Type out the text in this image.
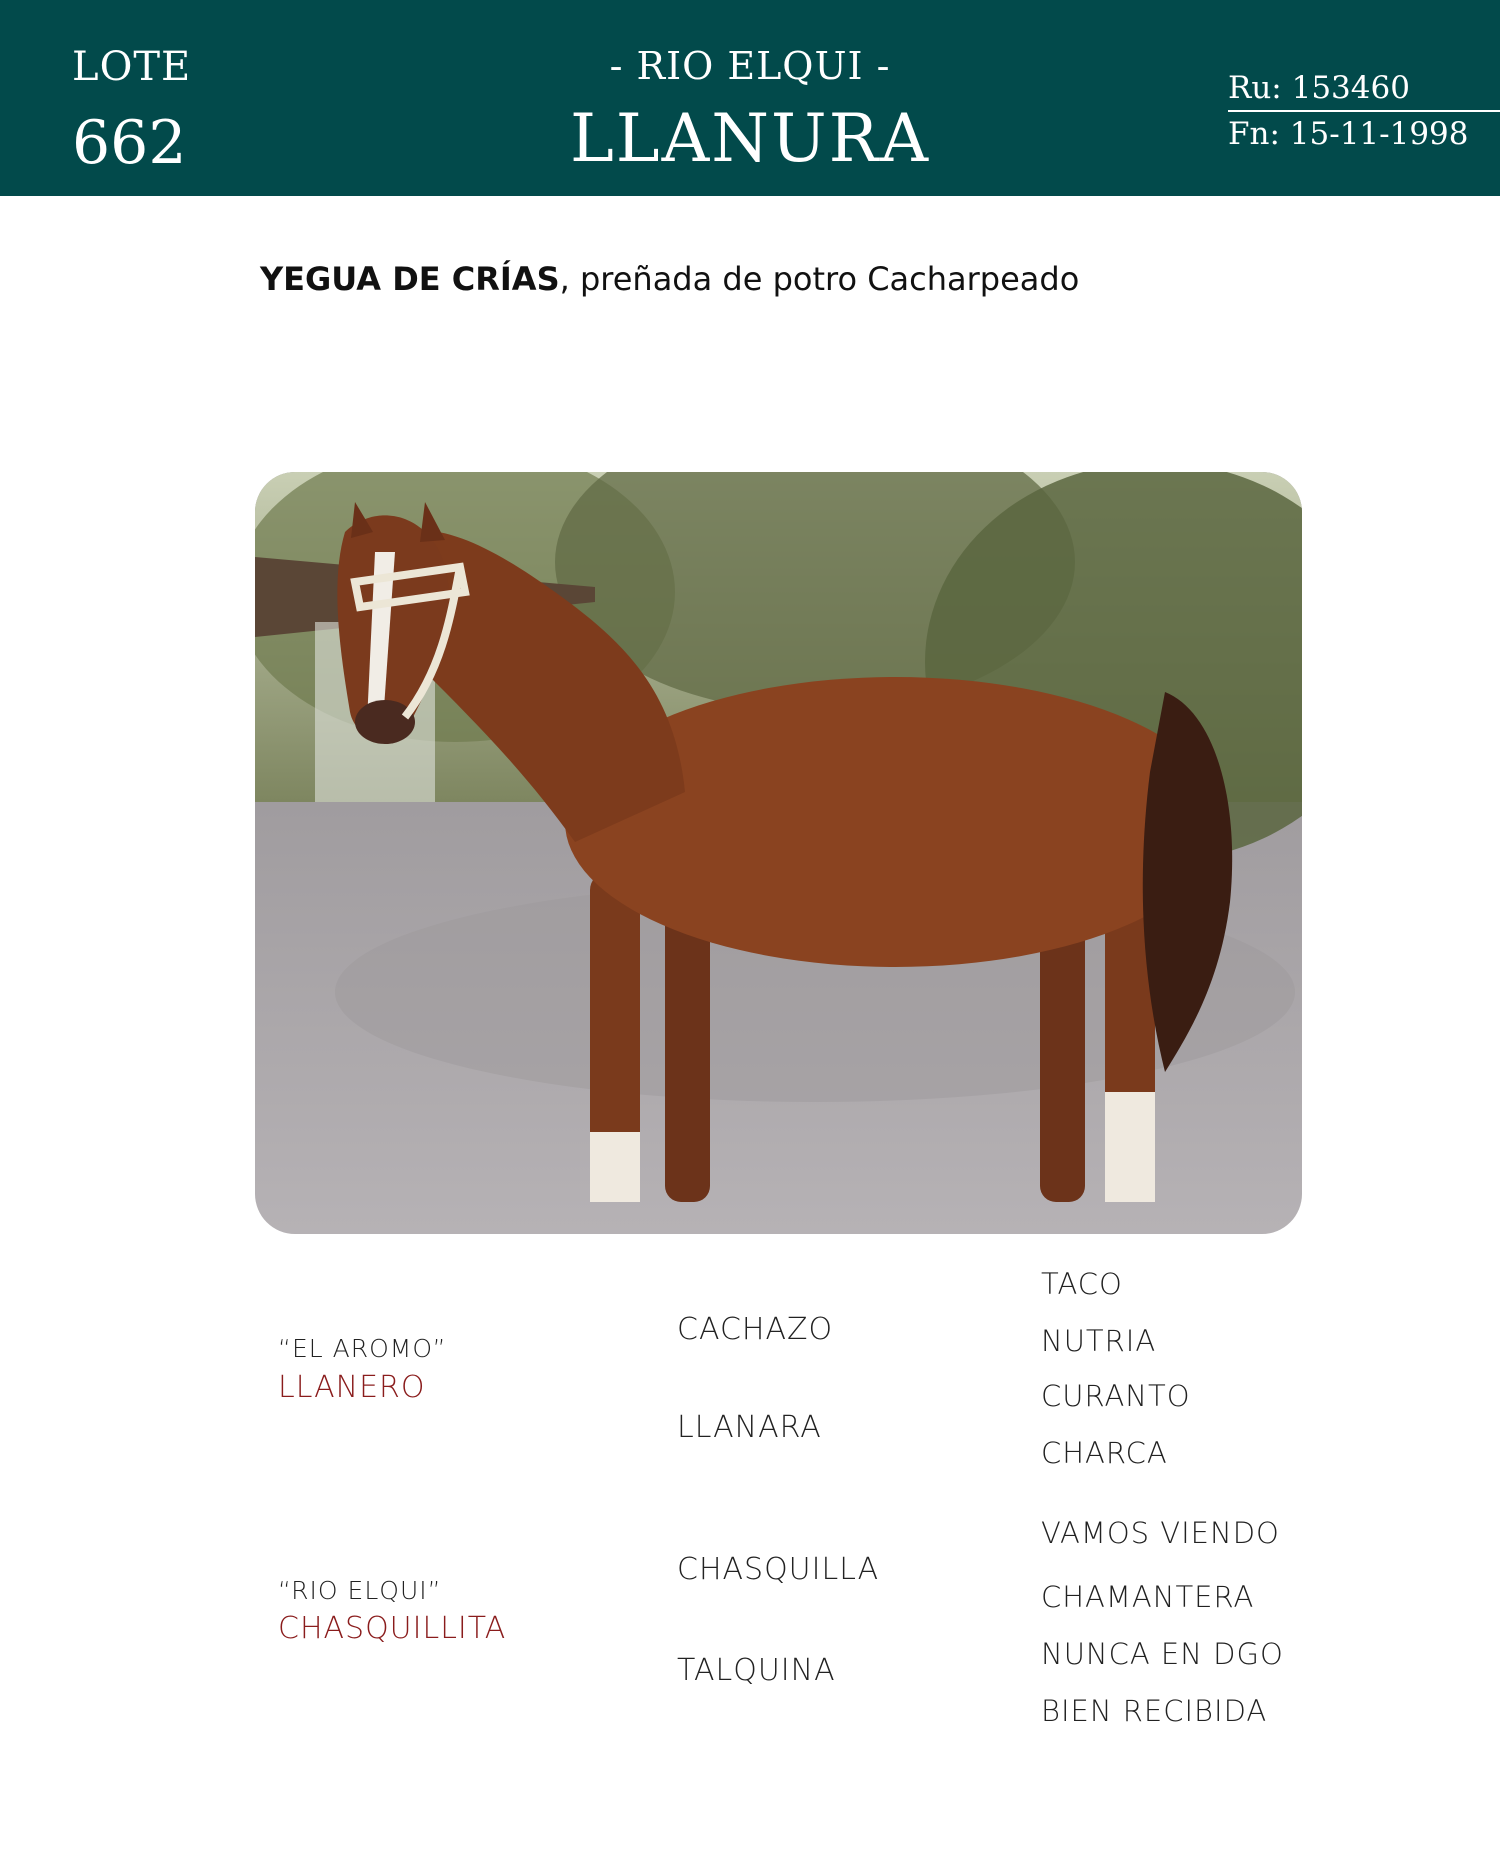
LOTE
662
- RIO ELQUI -
LLANURA
Ru: 153460
Fn: 15-11-1998
YEGUA DE CRÍAS, preñada de potro Cacharpeado
“EL AROMO”
LLANERO
CACHAZO
LLANARA
TACO
NUTRIA
CURANTO
CHARCA
“RIO ELQUI”
CHASQUILLITA
CHASQUILLA
TALQUINA
VAMOS VIENDO
CHAMANTERA
NUNCA EN DGO
BIEN RECIBIDA
